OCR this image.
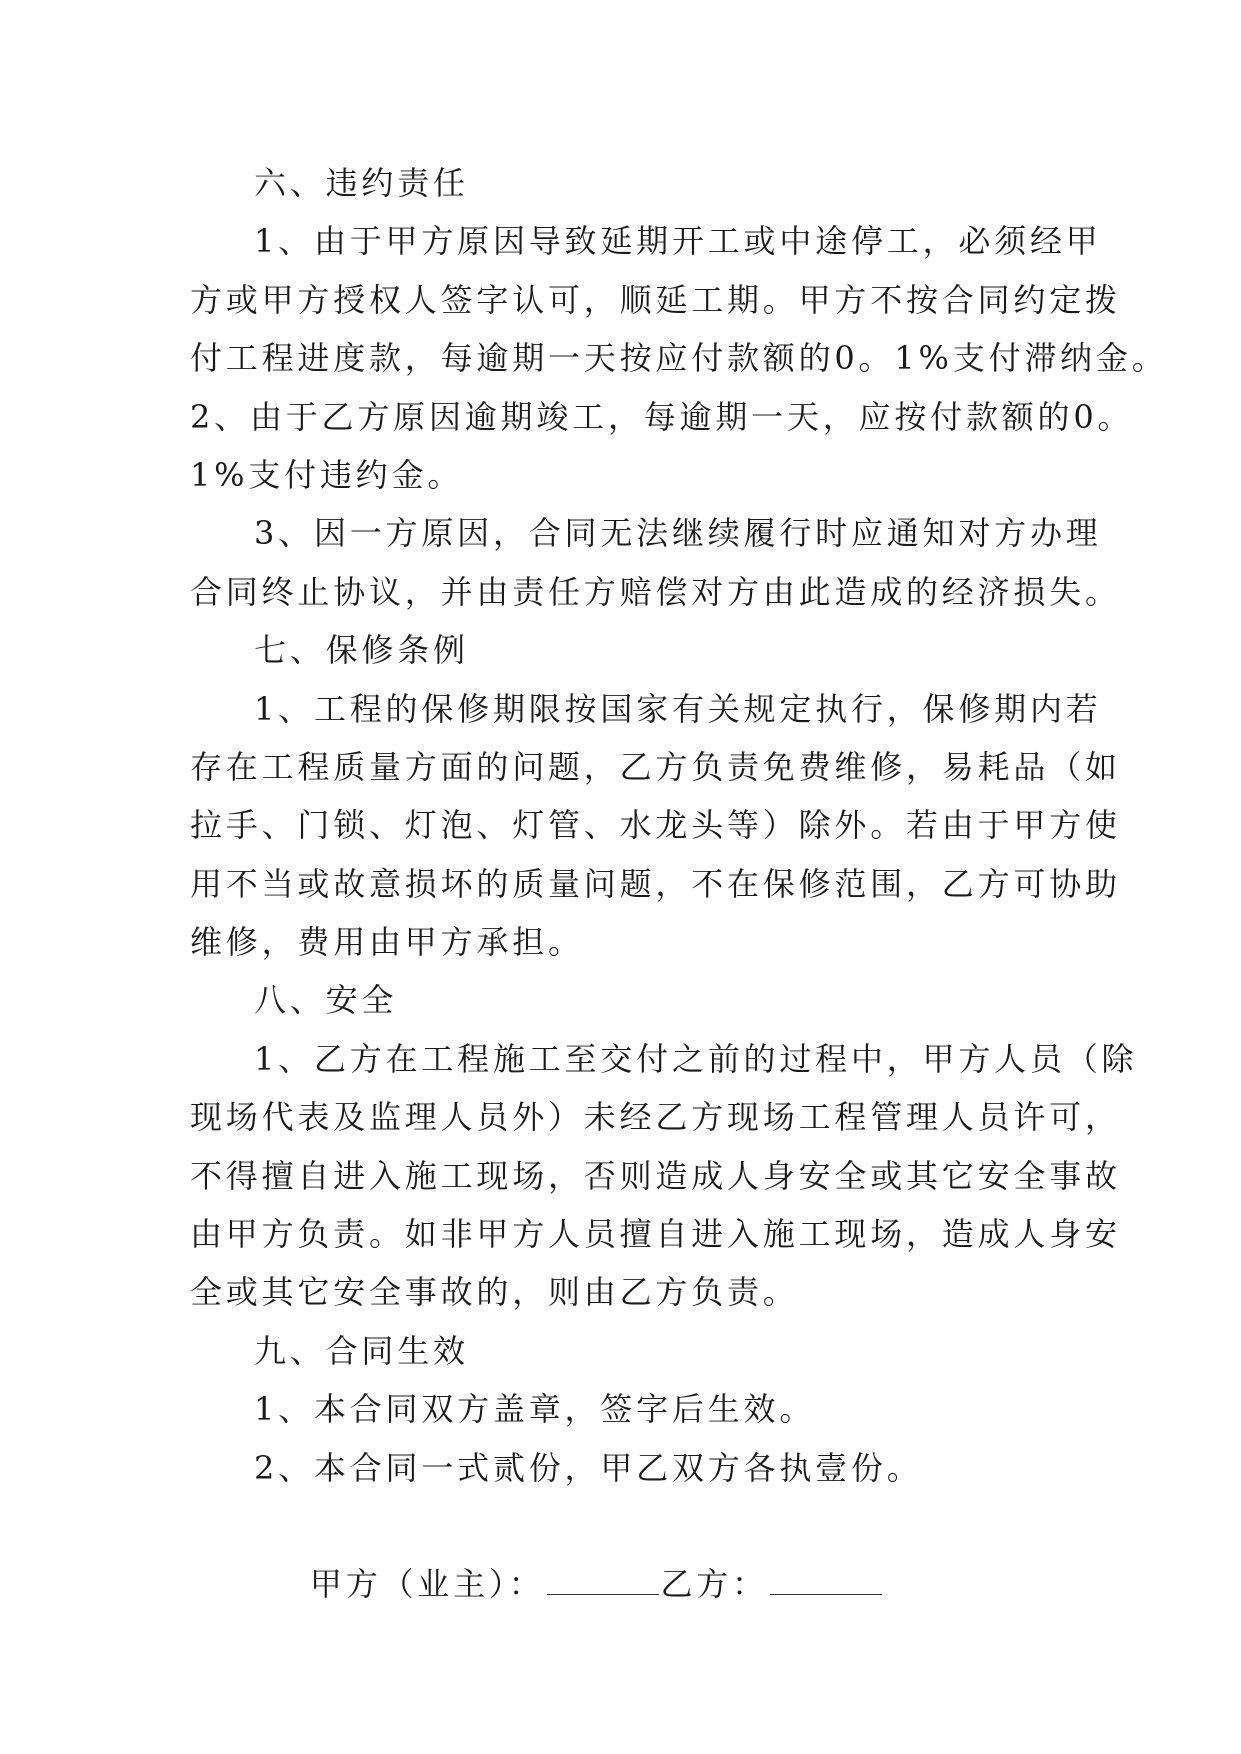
六、违约责任

1、由于甲方原因导致延期开工或中途停工，必须经甲

方或甲方授权人签字认可，顺延工期。甲方不按合同约定拨

付工程进度款，每逾期一天按应付款额的0。1%支付滞纳金。

2、由于乙方原因逾期竣工，每逾期一天，应按付款额的0。

1%支付违约金。

3、因一方原因，合同无法继续履行时应通知对方办理

合同终止协议，并由责任方赔偿对方由此造成的经济损失。

七、保修条例

1、工程的保修期限按国家有关规定执行，保修期内若

存在工程质量方面的问题，乙方负责免费维修，易耗品（如

拉手、门锁、灯泡、灯管、水龙头等）除外。若由于甲方使

用不当或故意损坏的质量问题，不在保修范围，乙方可协助

维修，费用由甲方承担。

八、安全

1、乙方在工程施工至交付之前的过程中，甲方人员（除

现场代表及监理人员外）未经乙方现场工程管理人员许可，

不得擅自进入施工现场，否则造成人身安全或其它安全事故

由甲方负责。如非甲方人员擅自进入施工现场，造成人身安

全或其它安全事故的，则由乙方负责。

九、合同生效

1、本合同双方盖章，签字后生效。

2、本合同一式贰份，甲乙双方各执壹份。

甲方（业主）：	乙方：
